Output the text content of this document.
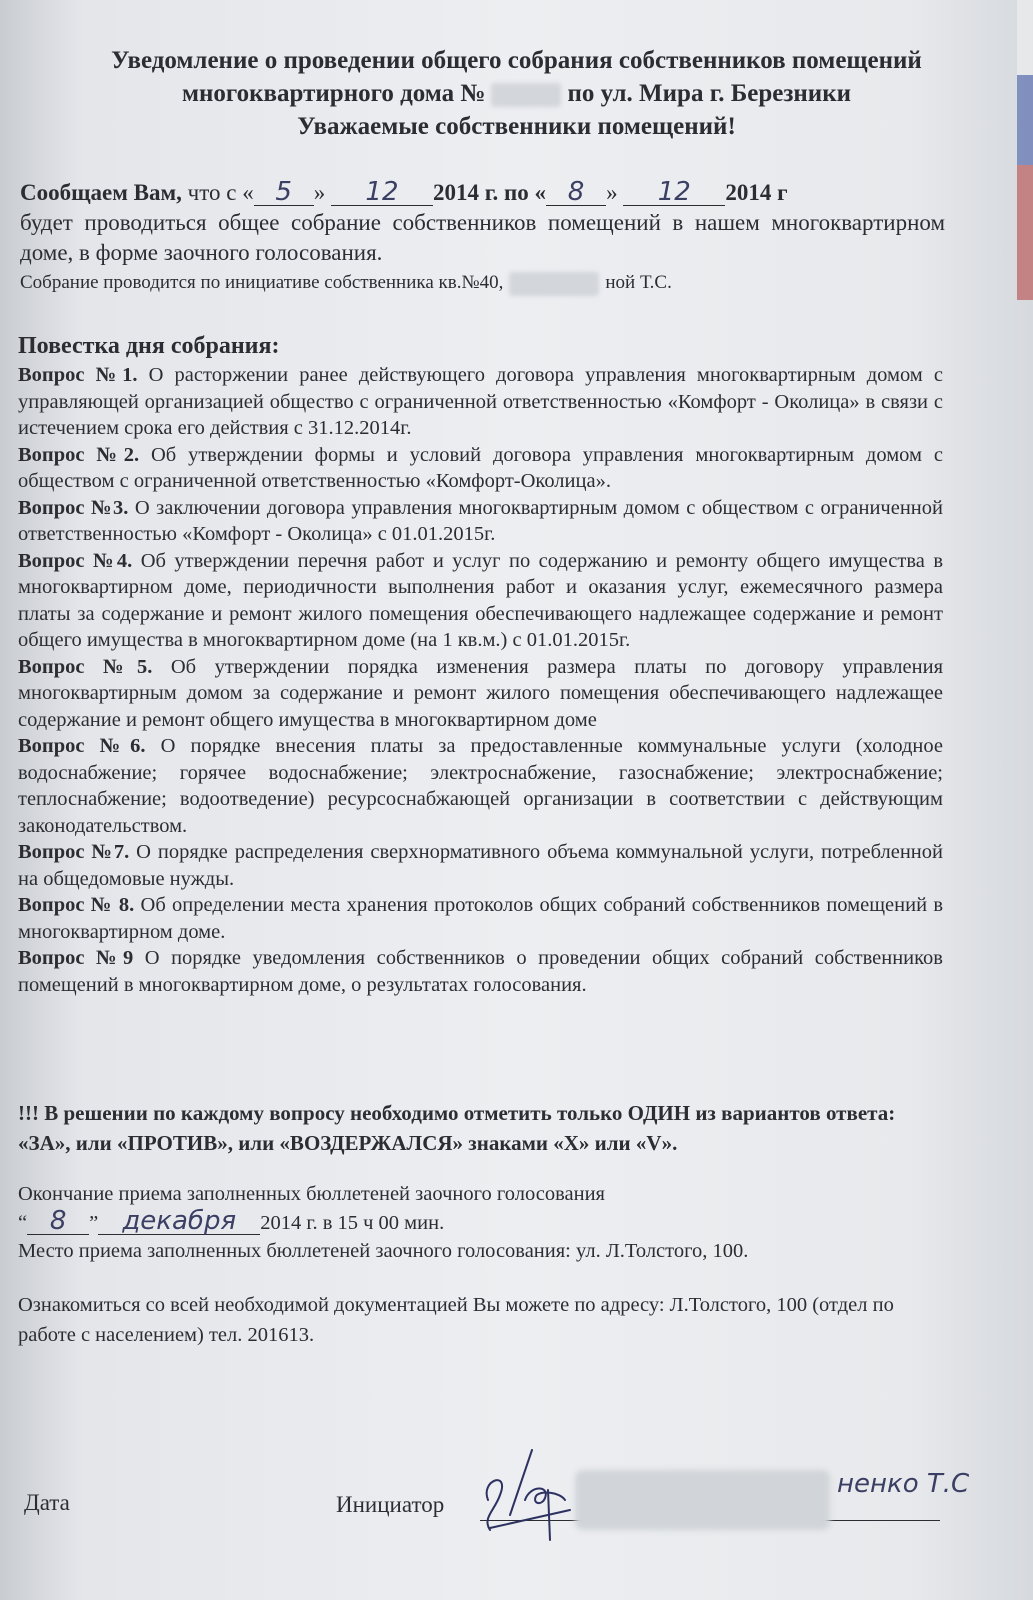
Уведомление о проведении общего собрания собственников помещений
многоквартирного дома №	по ул. Мира г. Березники
Уважаемые собственники помещений!

Сообщаем Вам, что с « 5 » 12 2014 г. по « 8 » 12 2014 г

будет проводиться общее собрание собственников помещений в нашем многоквартирном доме, в форме заочного голосования.

Собрание проводится по инициативе собственника кв.№40,	ной Т.С.

Повестка дня собрания:

Вопрос №1. О расторжении ранее действующего договора управления многоквартирным домом с управляющей организацией общество с ограниченной ответственностью «Комфорт - Околица» в связи с истечением срока его действия с 31.12.2014г.

Вопрос №2. Об утверждении формы и условий договора управления многоквартирным домом с обществом с ограниченной ответственностью «Комфорт-Околица».

Вопрос №3. О заключении договора управления многоквартирным домом с обществом с ограниченной ответственностью «Комфорт - Околица» с 01.01.2015г.

Вопрос №4. Об утверждении перечня работ и услуг по содержанию и ремонту общего имущества в многоквартирном доме, периодичности выполнения работ и оказания услуг, ежемесячного размера платы за содержание и ремонт жилого помещения обеспечивающего надлежащее содержание и ремонт общего имущества в многоквартирном доме (на 1 кв.м.) с 01.01.2015г.

Вопрос №5. Об утверждении порядка изменения размера платы по договору управления многоквартирным домом за содержание и ремонт жилого помещения обеспечивающего надлежащее содержание и ремонт общего имущества в многоквартирном доме

Вопрос №6. О порядке внесения платы за предоставленные коммунальные услуги (холодное водоснабжение; горячее водоснабжение; электроснабжение, газоснабжение; электроснабжение; теплоснабжение; водоотведение) ресурсоснабжающей организации в соответствии с действующим законодательством.

Вопрос №7. О порядке распределения сверхнормативного объема коммунальной услуги, потребленной на общедомовые нужды.

Вопрос № 8. Об определении места хранения протоколов общих собраний собственников помещений в многоквартирном доме.

Вопрос №9 О порядке уведомления собственников о проведении общих собраний собственников помещений в многоквартирном доме, о результатах голосования.

!!! В решении по каждому вопросу необходимо отметить только ОДИН из вариантов ответа: «ЗА», или «ПРОТИВ», или «ВОЗДЕРЖАЛСЯ» знаками «Х» или «V».
Окончание приема заполненных бюллетеней заочного голосования
“ 8 ” декабря 2014 г. в 15 ч 00 мин.
Место приема заполненных бюллетеней заочного голосования: ул. Л.Толстого, 100.
Ознакомиться со всей необходимой документацией Вы можете по адресу: Л.Толстого, 100 (отдел по работе с населением) тел. 201613.
Дата	Инициатор
ненко Т.С
